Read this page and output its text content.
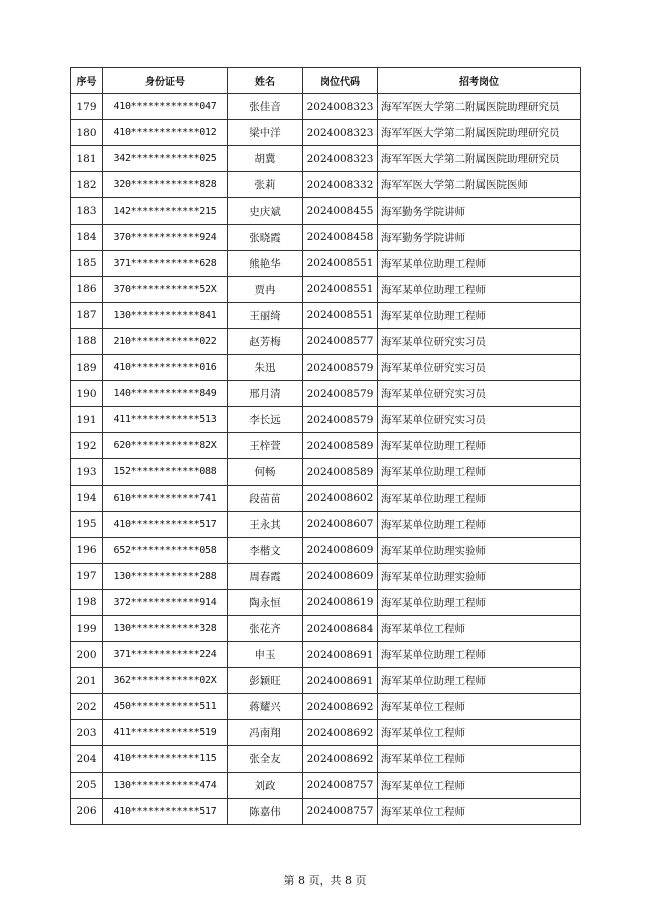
序号	身份证号	姓名	岗位代码	招考岗位
179	410************047	张佳音	2024008323	海军军医大学第二附属医院助理研究员
180	410************012	梁中洋	2024008323	海军军医大学第二附属医院助理研究员
181	342************025	胡冀	2024008323	海军军医大学第二附属医院助理研究员
182	320************828	张莉	2024008332	海军军医大学第二附属医院医师
183	142************215	史庆斌	2024008455	海军勤务学院讲师
184	370************924	张晓霞	2024008458	海军勤务学院讲师
185	371************628	熊艳华	2024008551	海军某单位助理工程师
186	370************52X	贾冉	2024008551	海军某单位助理工程师
187	130************841	王丽绮	2024008551	海军某单位助理工程师
188	210************022	赵芳梅	2024008577	海军某单位研究实习员
189	410************016	朱迅	2024008579	海军某单位研究实习员
190	140************849	邢月清	2024008579	海军某单位研究实习员
191	411************513	李长远	2024008579	海军某单位研究实习员
192	620************82X	王梓萱	2024008589	海军某单位助理工程师
193	152************088	何畅	2024008589	海军某单位助理工程师
194	610************741	段苗苗	2024008602	海军某单位助理工程师
195	410************517	王永其	2024008607	海军某单位助理工程师
196	652************058	李楷文	2024008609	海军某单位助理实验师
197	130************288	周春霞	2024008609	海军某单位助理实验师
198	372************914	陶永恒	2024008619	海军某单位助理工程师
199	130************328	张花齐	2024008684	海军某单位工程师
200	371************224	申玉	2024008691	海军某单位助理工程师
201	362************02X	彭颖旺	2024008691	海军某单位助理工程师
202	450************511	蒋耀兴	2024008692	海军某单位工程师
203	411************519	冯南翔	2024008692	海军某单位工程师
204	410************115	张全友	2024008692	海军某单位工程师
205	130************474	刘政	2024008757	海军某单位工程师
206	410************517	陈嘉伟	2024008757	海军某单位工程师
第 8 页，共 8 页
